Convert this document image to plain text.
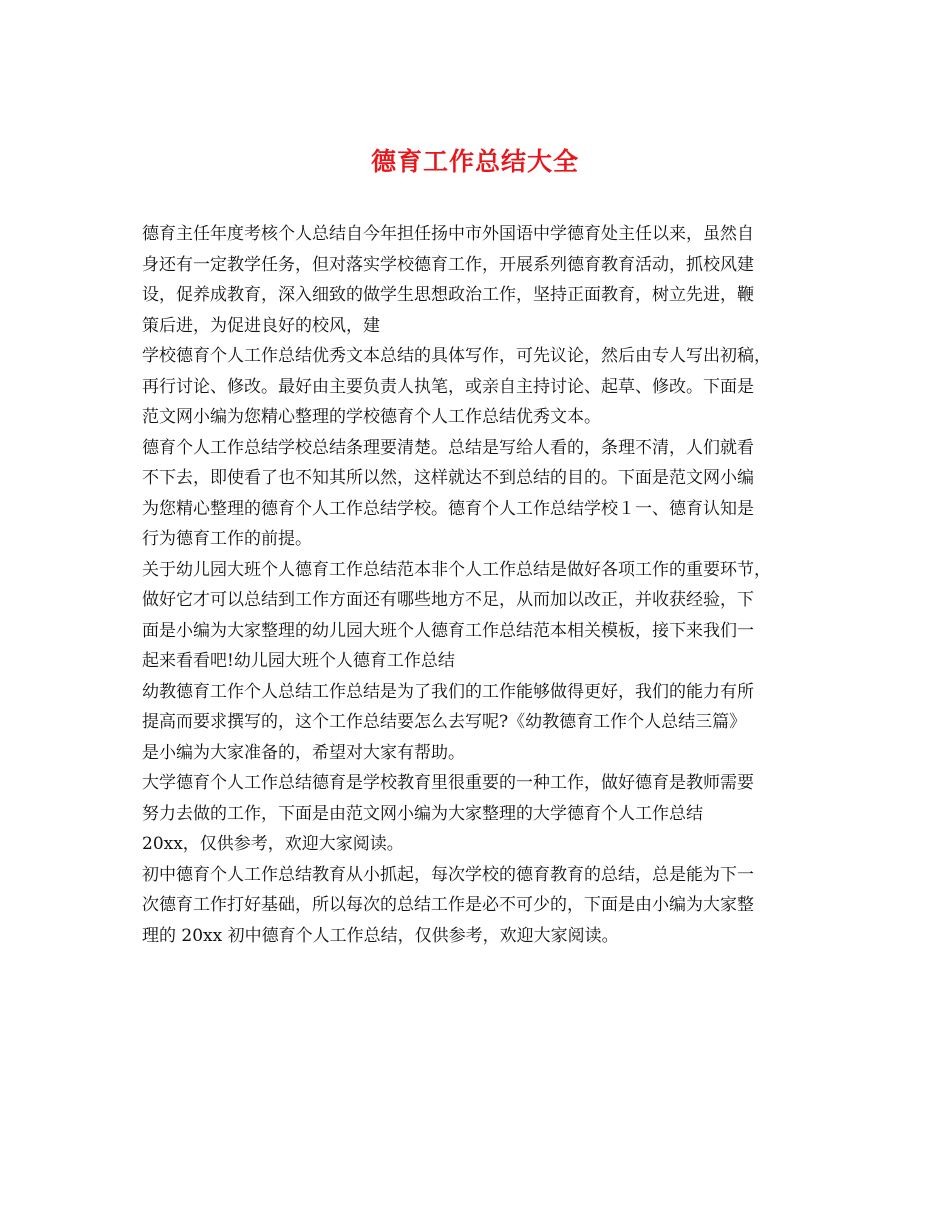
德育工作总结大全
德育主任年度考核个人总结自今年担任扬中市外国语中学德育处主任以来，虽然自
身还有一定教学任务，但对落实学校德育工作，开展系列德育教育活动，抓校风建
设，促养成教育，深入细致的做学生思想政治工作，坚持正面教育，树立先进，鞭
策后进，为促进良好的校风，建
学校德育个人工作总结优秀文本总结的具体写作，可先议论，然后由专人写出初稿，
再行讨论、修改。最好由主要负责人执笔，或亲自主持讨论、起草、修改。下面是
范文网小编为您精心整理的学校德育个人工作总结优秀文本。
德育个人工作总结学校总结条理要清楚。总结是写给人看的，条理不清，人们就看
不下去，即使看了也不知其所以然，这样就达不到总结的目的。下面是范文网小编
为您精心整理的德育个人工作总结学校。德育个人工作总结学校１一、德育认知是
行为德育工作的前提。
关于幼儿园大班个人德育工作总结范本非个人工作总结是做好各项工作的重要环节，
做好它才可以总结到工作方面还有哪些地方不足，从而加以改正，并收获经验，下
面是小编为大家整理的幼儿园大班个人德育工作总结范本相关模板，接下来我们一
起来看看吧!幼儿园大班个人德育工作总结
幼教德育工作个人总结工作总结是为了我们的工作能够做得更好，我们的能力有所
提高而要求撰写的，这个工作总结要怎么去写呢?《幼教德育工作个人总结三篇》
是小编为大家准备的，希望对大家有帮助。
大学德育个人工作总结德育是学校教育里很重要的一种工作，做好德育是教师需要
努力去做的工作，下面是由范文网小编为大家整理的大学德育个人工作总结
20xx，仅供参考，欢迎大家阅读。
初中德育个人工作总结教育从小抓起，每次学校的德育教育的总结，总是能为下一
次德育工作打好基础，所以每次的总结工作是必不可少的，下面是由小编为大家整
理的 20xx 初中德育个人工作总结，仅供参考，欢迎大家阅读。
